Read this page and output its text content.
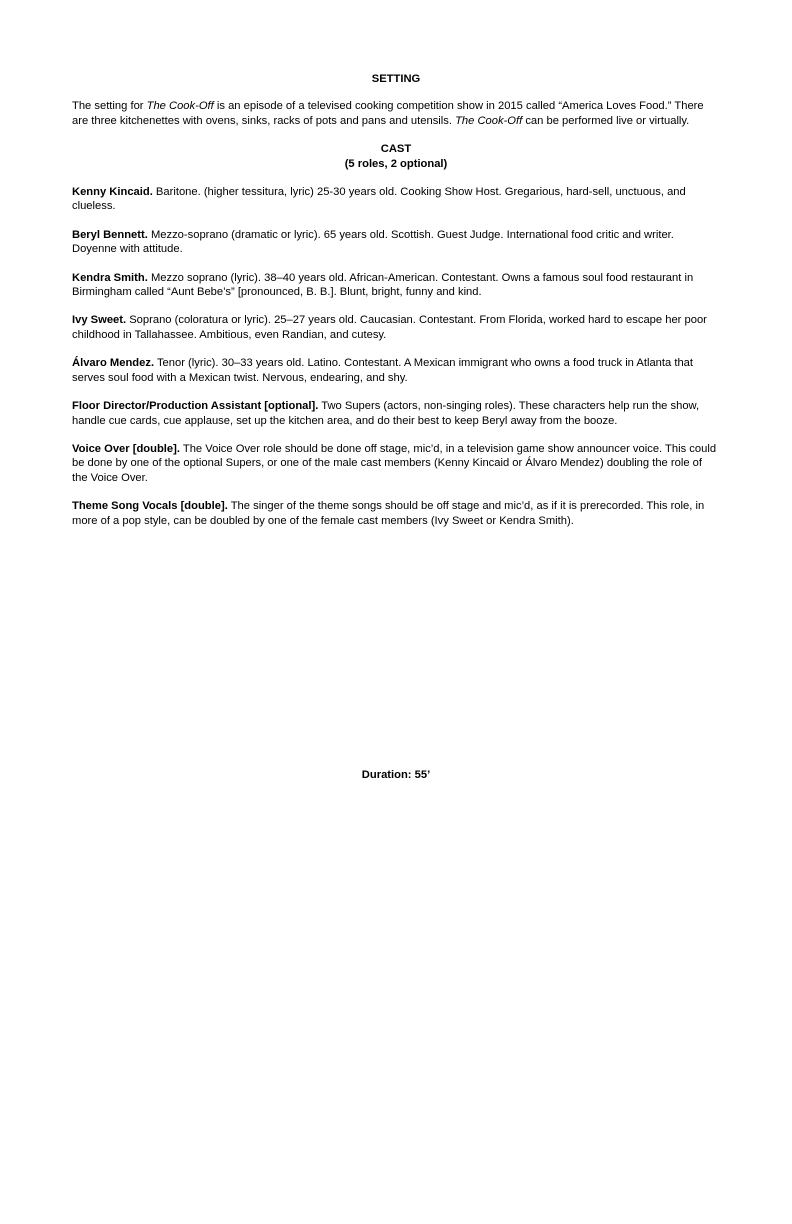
SETTING

The setting for The Cook-Off is an episode of a televised cooking competition show in 2015 called “America Loves Food.” There are three kitchenettes with ovens, sinks, racks of pots and pans and utensils. The Cook-Off can be performed live or virtually.

CAST

(5 roles, 2 optional)

Kenny Kincaid. Baritone. (higher tessitura, lyric) 25-30 years old. Cooking Show Host. Gregarious, hard-sell, unctuous, and clueless.

Beryl Bennett. Mezzo-soprano (dramatic or lyric). 65 years old. Scottish. Guest Judge. International food critic and writer. Doyenne with attitude.

Kendra Smith. Mezzo soprano (lyric). 38–40 years old. African-American. Contestant. Owns a famous soul food restaurant in Birmingham called “Aunt Bebe’s” [pronounced, B. B.]. Blunt, bright, funny and kind.

Ivy Sweet. Soprano (coloratura or lyric). 25–27 years old. Caucasian. Contestant. From Florida, worked hard to escape her poor childhood in Tallahassee. Ambitious, even Randian, and cutesy.

Álvaro Mendez. Tenor (lyric). 30–33 years old. Latino. Contestant. A Mexican immigrant who owns a food truck in Atlanta that serves soul food with a Mexican twist. Nervous, endearing, and shy.

Floor Director/Production Assistant [optional]. Two Supers (actors, non-singing roles). These characters help run the show, handle cue cards, cue applause, set up the kitchen area, and do their best to keep Beryl away from the booze.

Voice Over [double]. The Voice Over role should be done off stage, mic’d, in a television game show announcer voice. This could be done by one of the optional Supers, or one of the male cast members (Kenny Kincaid or Álvaro Mendez) doubling the role of the Voice Over.

Theme Song Vocals [double]. The singer of the theme songs should be off stage and mic’d, as if it is prerecorded. This role, in more of a pop style, can be doubled by one of the female cast members (Ivy Sweet or Kendra Smith).

Duration: 55’
